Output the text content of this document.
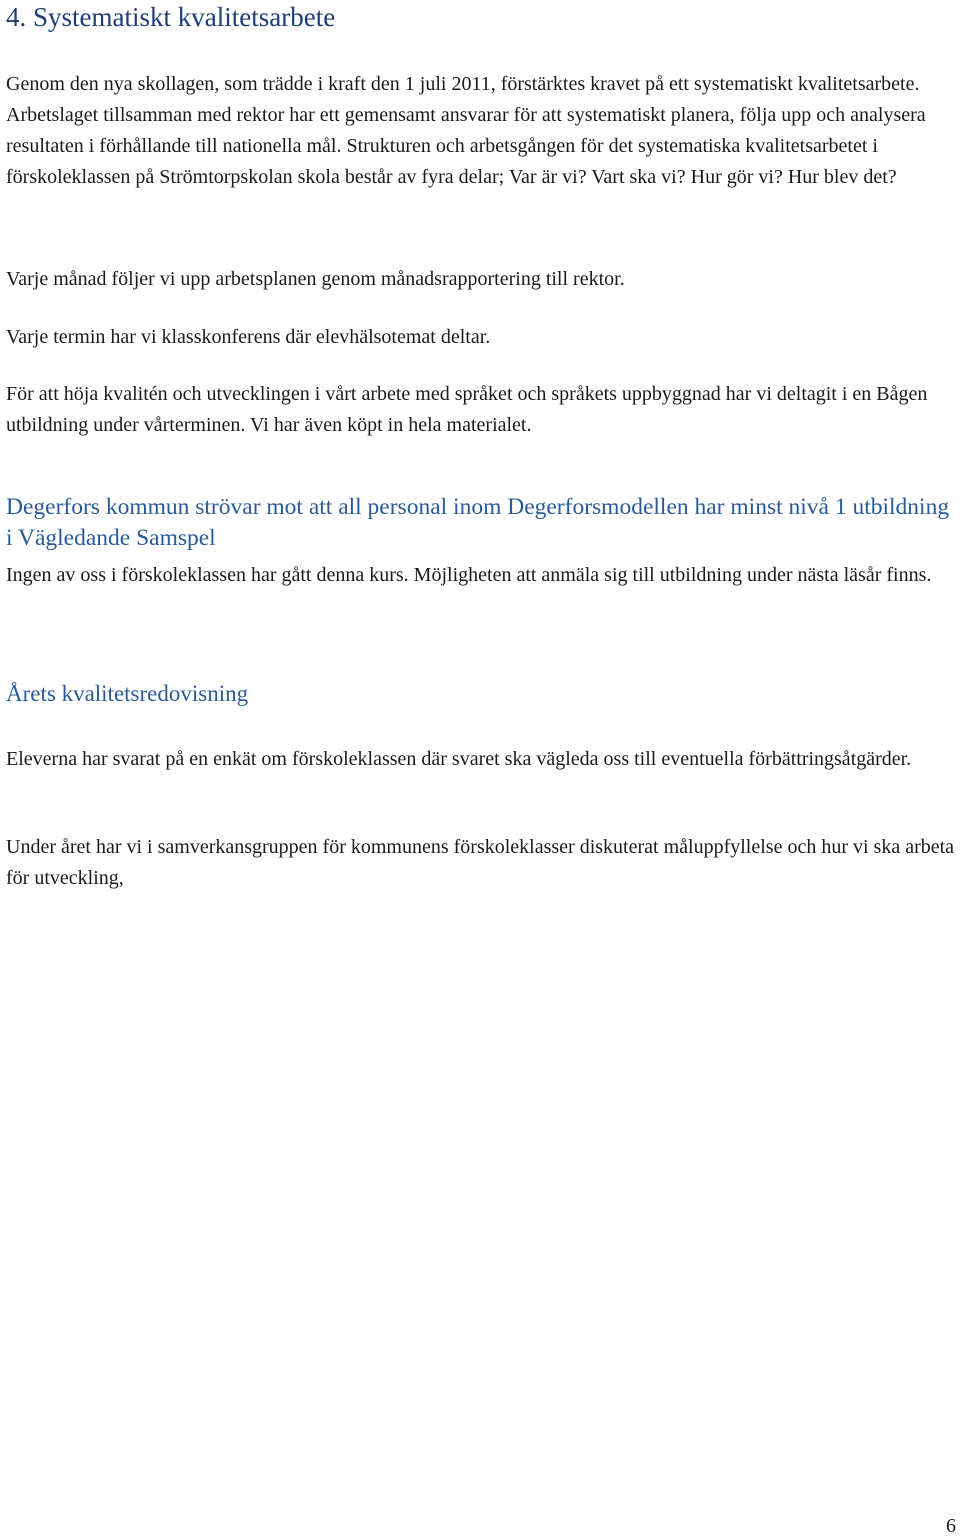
4. Systematiskt kvalitetsarbete

Genom den nya skollagen, som trädde i kraft den 1 juli 2011, förstärktes kravet på ett systematiskt kvalitetsarbete. Arbetslaget tillsamman med rektor har ett gemensamt ansvarar för att systematiskt planera, följa upp och analysera resultaten i förhållande till nationella mål. Strukturen och arbetsgången för det systematiska kvalitetsarbetet i förskoleklassen på Strömtorpskolan skola består av fyra delar; Var är vi? Vart ska vi? Hur gör vi? Hur blev det?

Varje månad följer vi upp arbetsplanen genom månadsrapportering till rektor.

Varje termin har vi klasskonferens där elevhälsotemat deltar.

För att höja kvalitén och utvecklingen i vårt arbete med språket och språkets uppbyggnad har vi deltagit i en Bågen utbildning under vårterminen. Vi har även köpt in hela materialet.

Degerfors kommun strövar mot att all personal inom Degerforsmodellen har minst nivå 1 utbildning i Vägledande Samspel

Ingen av oss i förskoleklassen har gått denna kurs. Möjligheten att anmäla sig till utbildning under nästa läsår finns.

Årets kvalitetsredovisning

Eleverna har svarat på en enkät om förskoleklassen där svaret ska vägleda oss till eventuella förbättringsåtgärder.

Under året har vi i samverkansgruppen för kommunens förskoleklasser diskuterat måluppfyllelse och hur vi ska arbeta för utveckling,

6
